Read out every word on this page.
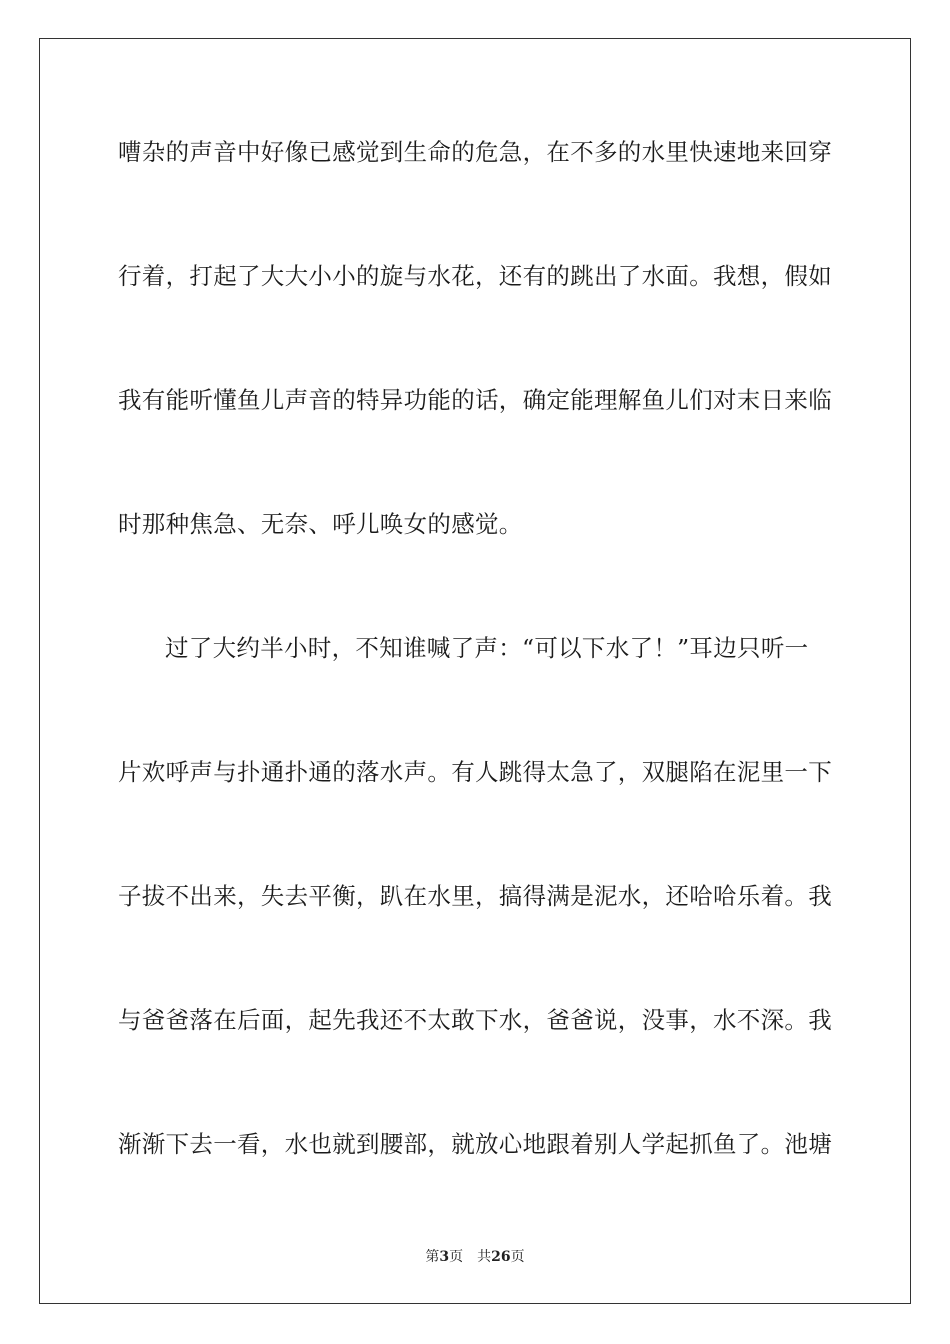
嘈杂的声音中好像已感觉到生命的危急，在不多的水里快速地来回穿
行着，打起了大大小小的旋与水花，还有的跳出了水面。我想，假如
我有能听懂鱼儿声音的特异功能的话，确定能理解鱼儿们对末日来临
时那种焦急、无奈、呼儿唤女的感觉。
过了大约半小时，不知谁喊了声：“可以下水了！”耳边只听一
片欢呼声与扑通扑通的落水声。有人跳得太急了，双腿陷在泥里一下
子拔不出来，失去平衡，趴在水里，搞得满是泥水，还哈哈乐着。我
与爸爸落在后面，起先我还不太敢下水，爸爸说，没事，水不深。我
渐渐下去一看，水也就到腰部，就放心地跟着别人学起抓鱼了。池塘
第3页 共26页
